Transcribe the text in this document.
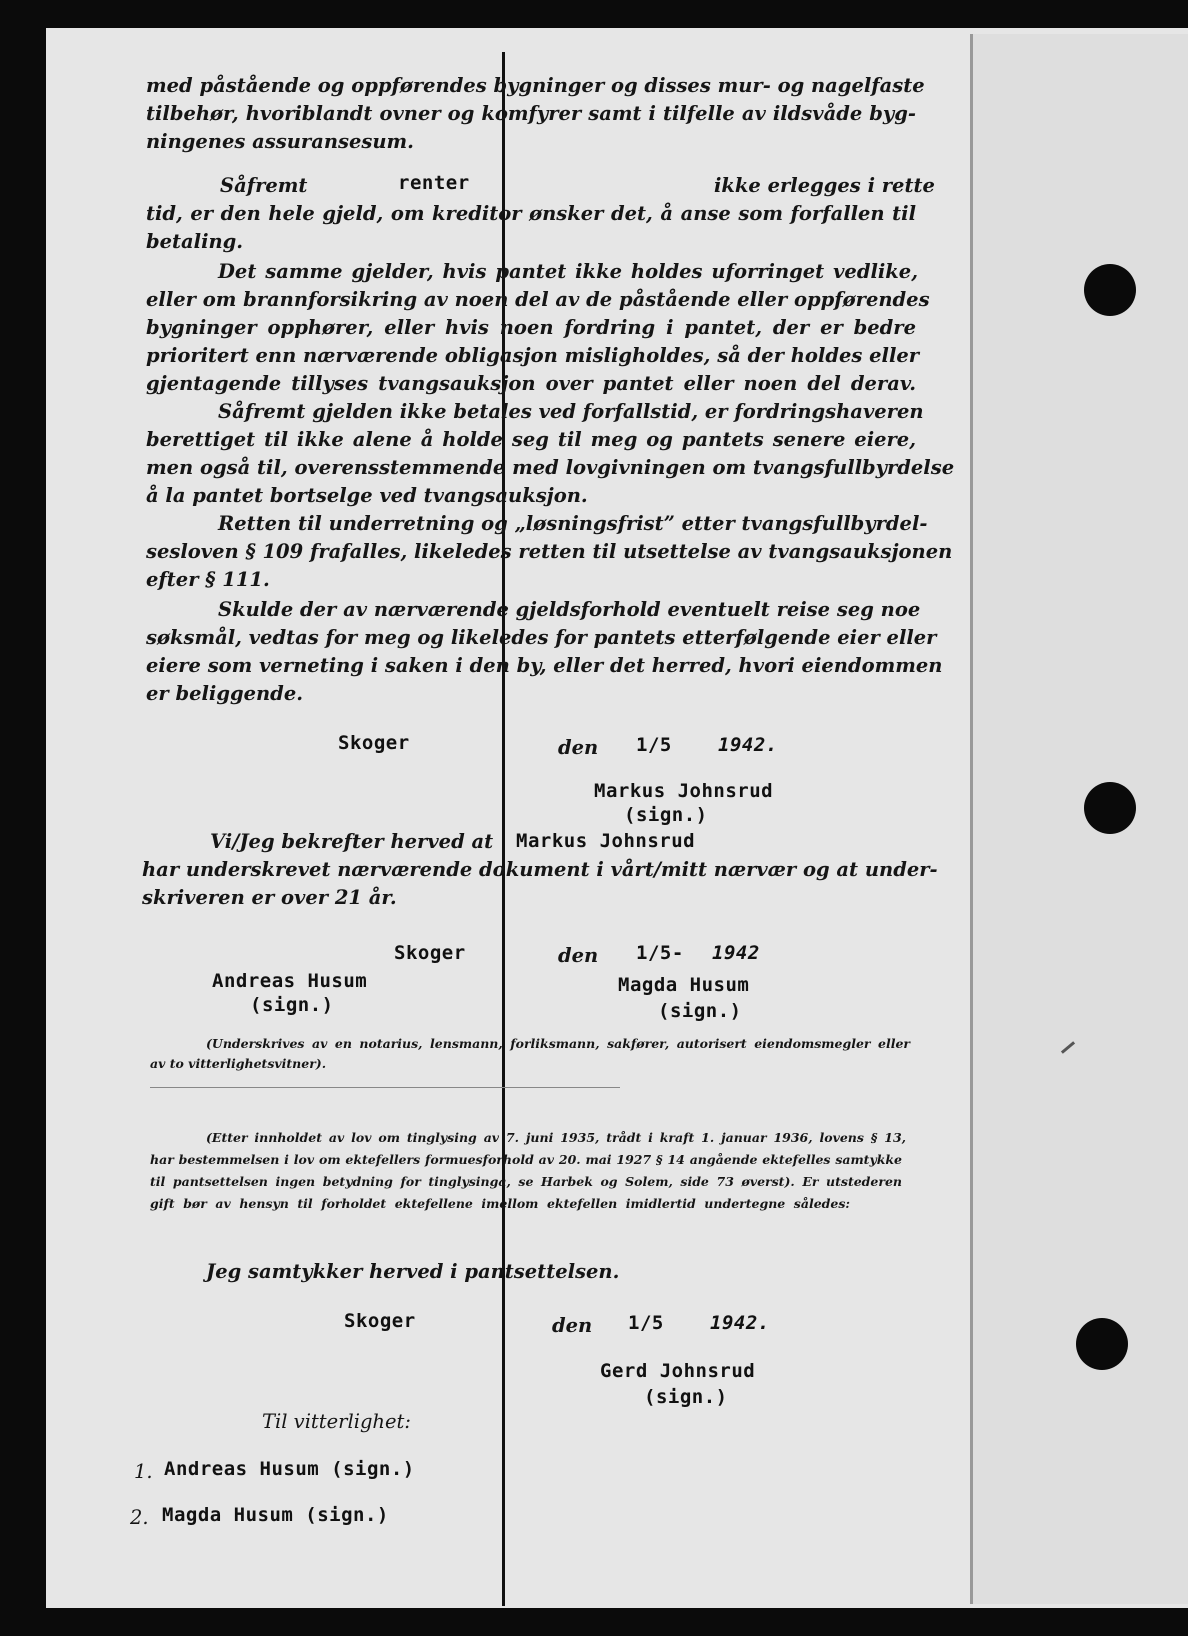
med påstående og oppførendes bygninger og disses mur- og nagelfaste
tilbehør, hvoriblandt ovner og komfyrer samt i tilfelle av ildsvåde byg-
ningenes assuransesum.
Såfremt	renter	ikke erlegges i rette
tid, er den hele gjeld, om kreditor ønsker det, å anse som forfallen til
betaling.
Det samme gjelder, hvis pantet ikke holdes uforringet vedlike,
eller om brannforsikring av noen del av de påstående eller oppførendes
bygninger opphører, eller hvis noen fordring i pantet, der er bedre
prioritert enn nærværende obligasjon misligholdes, så der holdes eller
gjentagende tillyses tvangsauksjon over pantet eller noen del derav.
Såfremt gjelden ikke betales ved forfallstid, er fordringshaveren
berettiget til ikke alene å holde seg til meg og pantets senere eiere,
men også til, overensstemmende med lovgivningen om tvangsfullbyrdelse
å la pantet bortselge ved tvangsauksjon.
Retten til underretning og „løsningsfrist” etter tvangsfullbyrdel-
sesloven § 109 frafalles, likeledes retten til utsettelse av tvangsauksjonen
efter § 111.
Skulde der av nærværende gjeldsforhold eventuelt reise seg noe
søksmål, vedtas for meg og likeledes for pantets etterfølgende eier eller
eiere som verneting i saken i den by, eller det herred, hvori eiendommen
er beliggende.
Skoger	den 1/5 1942.
Markus Johnsrud
(sign.)
Vi/Jeg bekrefter herved at Markus Johnsrud
har underskrevet nærværende dokument i vårt/mitt nærvær og at under-
skriveren er over 21 år.
Skoger	den 1/5- 1942
Andreas Husum
(sign.)
Magda Husum
(sign.)
(Underskrives av en notarius, lensmann, forliksmann, sakfører, autorisert eiendomsmegler eller
av to vitterlighetsvitner).
(Etter innholdet av lov om tinglysing av 7. juni 1935, trådt i kraft 1. januar 1936, lovens § 13,
har bestemmelsen i lov om ektefellers formuesforhold av 20. mai 1927 § 14 angående ektefelles samtykke
til pantsettelsen ingen betydning for tinglysinga, se Harbek og Solem, side 73 øverst). Er utstederen
gift bør av hensyn til forholdet ektefellene imellom ektefellen imidlertid undertegne således:
Jeg samtykker herved i pantsettelsen.
Skoger	den 1/5 1942.
Gerd Johnsrud
(sign.)
Til vitterlighet:
1. Andreas Husum (sign.)
2. Magda Husum (sign.)
